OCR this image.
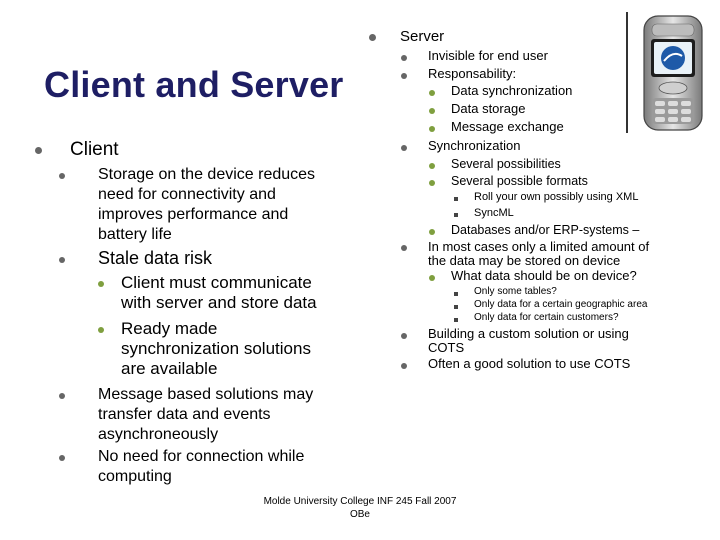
Client and Server
Client
Storage on the device reduces
need for connectivity and
improves performance and
battery life
Stale data risk
Client must communicate
with server and store data
Ready made
synchronization solutions
are available
Message based solutions may
transfer data and events
asynchroneously
No need for connection while
computing
Server
Invisible for end user
Responsability:
Data synchronization
Data storage
Message exchange
Synchronization
Several possibilities
Several possible formats
Roll your own possibly using XML
SyncML
Databases and/or ERP-systems –
In most cases only a limited amount of
the data may be stored on device
What data should be on device?
Only some tables?
Only data for a certain geographic area
Only data for certain customers?
Building a custom solution or using
COTS
Often a good solution to use COTS
Molde University College INF 245 Fall 2007
OBe
